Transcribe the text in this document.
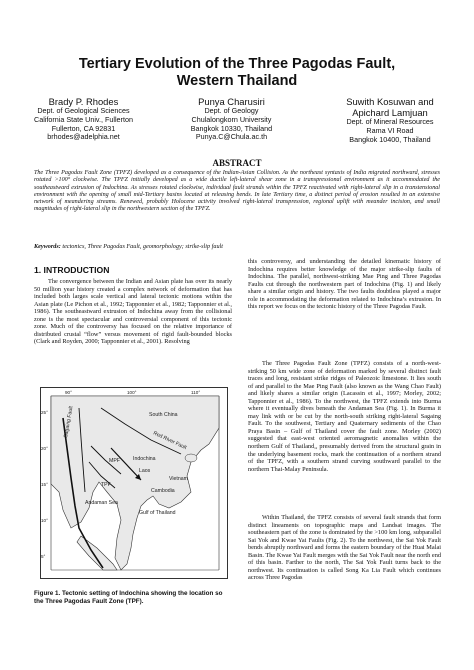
Tertiary Evolution of the Three Pagodas Fault,
Western Thailand
Brady P. Rhodes
Dept. of Geological Sciences
California State Univ., Fullerton
Fullerton, CA 92831
brhodes@adelphia.net
Punya Charusiri
Dept. of Geology
Chulalongkorn University
Bangkok 10330, Thailand
Punya.C@Chula.ac.th
Suwith Kosuwan and Apichard Lamjuan
Dept. of Mineral Resources
Rama VI Road
Bangkok 10400, Thailand
ABSTRACT
The Three Pagodas Fault Zone (TPFZ) developed as a consequence of the Indian-Asian Collision. As the northeast syntaxis of India migrated northward, stresses rotated >100° clockwise. The TPFZ initially developed as a wide ductile left-lateral shear zone in a transpressional environment as it accommodated the southeastward extrusion of Indochina. As stresses rotated clockwise, individual fault strands within the TPFZ reactivated with right-lateral slip in a transtensional environment with the opening of small mid-Tertiary basins located at releasing bends. In late Tertiary time, a distinct period of erosion resulted in an extensive network of meandering streams. Renewed, probably Holocene activity involved right-lateral transpression, regional uplift with meander incision, and small magnitudes of right-lateral slip in the northwestern section of the TPFZ.
Keywords: tectonics, Three Pagodas Fault, geomorphology; strike-slip fault
1. INTRODUCTION

The convergence between the Indian and Asian plate has over its nearly 50 million year history created a complex network of deformation that has included both larges scale vertical and lateral tectonic motions within the Asian plate (Le Pichon et al., 1992; Tapponnier et al., 1982; Tapponnier et al., 1986). The southeastward extrusion of Indochina away from the collisional zone is the most spectacular and controversial component of this tectonic zone. Much of the controversy has focused on the relative importance of distributed crustal “flow” versus movement of rigid fault-bounded blocks (Clark and Royden, 2000; Tapponnier et al., 2001). Resolving

this controversy, and understanding the detailed kinematic history of Indochina requires better knowledge of the major strike-slip faults of Indochina. The parallel, northwest-striking Mae Ping and Three Pagodas Faults cut through the northwestern part of Indochina (Fig. 1) and likely share a similar origin and history. The two faults doubtless played a major role in accommodating the deformation related to Indochina’s extrusion. In this report we focus on the tectonic history of the Three Pagodas Fault.

The Three Pagodas Fault Zone (TPFZ) consists of a north-west-striking 50 km wide zone of deformation marked by several distinct fault traces and long, resistant strike ridges of Paleozoic limestone. It lies south of and parallel to the Mae Ping Fault (also known as the Wang Chao Fault) and likely shares a similar origin (Lacassin et al., 1997; Morley, 2002; Tapponnier et al., 1986). To the northwest, the TPFZ extends into Burma where it eventually dives beneath the Andaman Sea (Fig. 1). In Burma it may link with or be cut by the north-south striking right-lateral Sagaing Fault. To the southwest, Tertiary and Quaternary sediments of the Chao Praya Basin – Gulf of Thailand cover the fault zone. Morley (2002) suggested that east-west oriented aeromagnetic anomalies within the northern Gulf of Thailand,, presumably derived from the structural grain in the underlying basement rocks, mark the continuation of a northern strand of the TPFZ, with a southern strand curving southward parallel to the northern Thai-Malay Peninsula.

Within Thailand, the TPFZ consists of several fault strands that form distinct lineaments on topographic maps and Landsat images. The southeastern part of the zone is dominated by the >100 km long, subparallel Sai Yok and Kwae Yai Faults (Fig. 2). To the northwest, the Sai Yok Fault bends abruptly northward and forms the eastern boundary of the Huai Malai Basin. The Kwae Yai Fault merges with the Sai Yok Fault near the north end of this basin. Farther to the north, The Sai Yok Fault turns back to the northwest. Its continuation is called Song Ka Lia Fault which continues across Three Pagodas

90°	100°	110°
25°
20°
15°
10°
5°
South China
Indochina
Laos
Cambodia
Vietnam
Andaman Sea
Gulf of Thailand
TPF
MPF
Sagaing Fault
Red River Fault
Figure 1. Tectonic setting of Indochina showing the location so the Three Pagodas Fault Zone (TPF).
